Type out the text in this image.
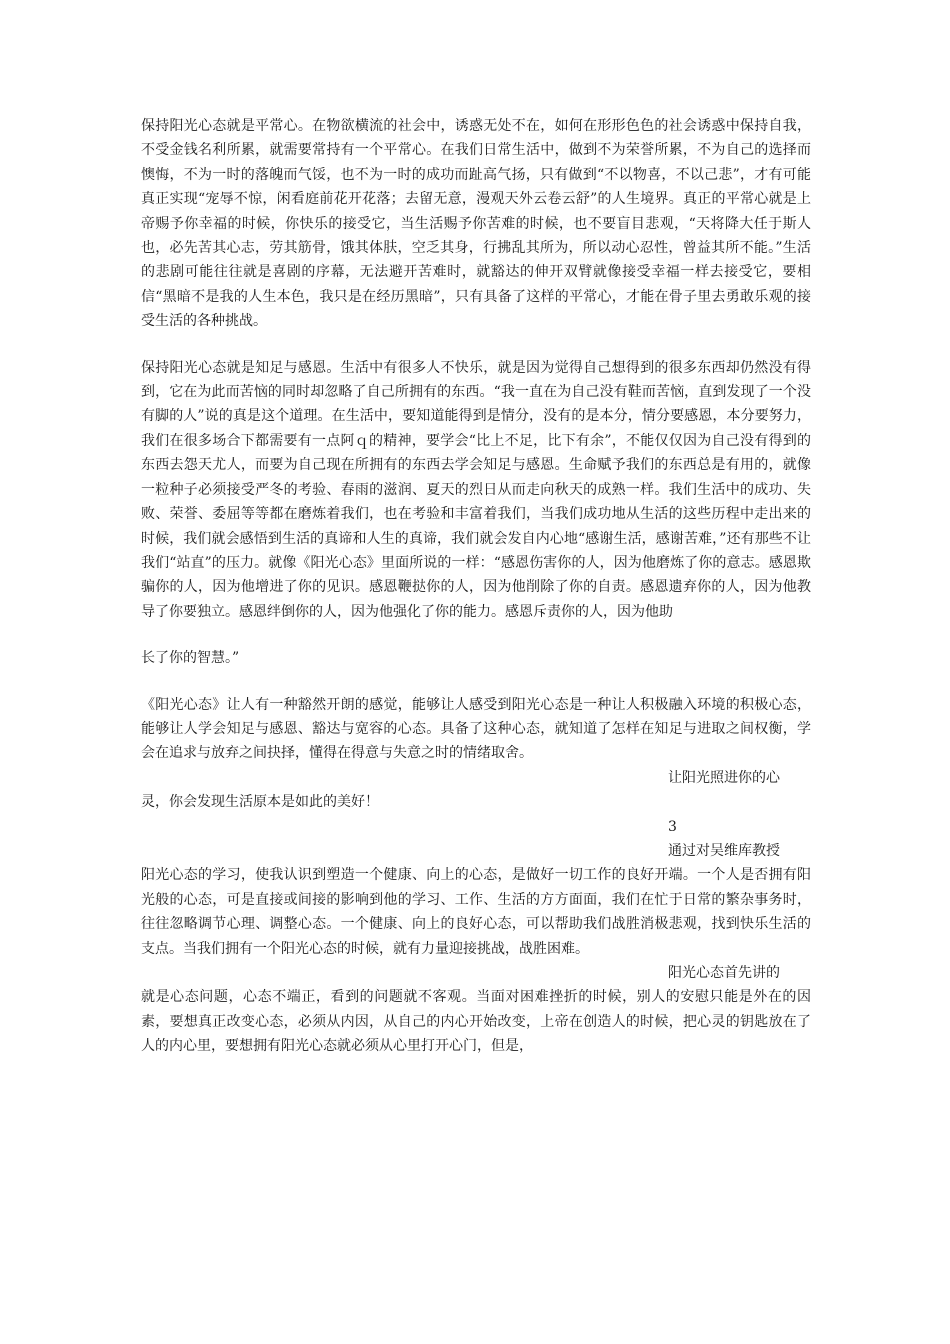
保持阳光心态就是平常心。在物欲横流的社会中，诱惑无处不在，如何在形形色色的社会诱惑中保持自我，不受金钱名利所累，就需要常持有一个平常心。在我们日常生活中，做到不为荣誉所累，不为自己的选择而懊悔，不为一时的落魄而气馁，也不为一时的成功而趾高气扬，只有做到“不以物喜，不以己悲”，才有可能真正实现“宠辱不惊，闲看庭前花开花落；去留无意，漫观天外云卷云舒”的人生境界。真正的平常心就是上帝赐予你幸福的时候，你快乐的接受它，当生活赐予你苦难的时候，也不要盲目悲观，“天将降大任于斯人也，必先苦其心志，劳其筋骨，饿其体肤，空乏其身，行拂乱其所为，所以动心忍性，曾益其所不能。”生活的悲剧可能往往就是喜剧的序幕，无法避开苦难时，就豁达的伸开双臂就像接受幸福一样去接受它，要相信“黑暗不是我的人生本色，我只是在经历黑暗”，只有具备了这样的平常心，才能在骨子里去勇敢乐观的接受生活的各种挑战。

保持阳光心态就是知足与感恩。生活中有很多人不快乐，就是因为觉得自己想得到的很多东西却仍然没有得到，它在为此而苦恼的同时却忽略了自己所拥有的东西。“我一直在为自己没有鞋而苦恼，直到发现了一个没有脚的人”说的真是这个道理。在生活中，要知道能得到是情分，没有的是本分，情分要感恩，本分要努力，我们在很多场合下都需要有一点阿ｑ的精神，要学会“比上不足，比下有余”，不能仅仅因为自己没有得到的东西去怨天尤人，而要为自己现在所拥有的东西去学会知足与感恩。生命赋予我们的东西总是有用的，就像一粒种子必须接受严冬的考验、春雨的滋润、夏天的烈日从而走向秋天的成熟一样。我们生活中的成功、失败、荣誉、委屈等等都在磨炼着我们，也在考验和丰富着我们，当我们成功地从生活的这些历程中走出来的时候，我们就会感悟到生活的真谛和人生的真谛，我们就会发自内心地“感谢生活，感谢苦难，”还有那些不让我们“站直”的压力。就像《阳光心态》里面所说的一样：“感恩伤害你的人，因为他磨炼了你的意志。感恩欺骗你的人，因为他增进了你的见识。感恩鞭挞你的人，因为他削除了你的自责。感恩遗弃你的人，因为他教导了你要独立。感恩绊倒你的人，因为他强化了你的能力。感恩斥责你的人，因为他助

长了你的智慧。”

《阳光心态》让人有一种豁然开朗的感觉，能够让人感受到阳光心态是一种让人积极融入环境的积极心态，能够让人学会知足与感恩、豁达与宽容的心态。具备了这种心态，就知道了怎样在知足与进取之间权衡，学会在追求与放弃之间抉择，懂得在得意与失意之时的情绪取舍。

让阳光照进你的心

灵，你会发现生活原本是如此的美好！

3

通过对吴维库教授

阳光心态的学习，使我认识到塑造一个健康、向上的心态，是做好一切工作的良好开端。一个人是否拥有阳光般的心态，可是直接或间接的影响到他的学习、工作、生活的方方面面，我们在忙于日常的繁杂事务时，往往忽略调节心理、调整心态。一个健康、向上的良好心态，可以帮助我们战胜消极悲观，找到快乐生活的支点。当我们拥有一个阳光心态的时候，就有力量迎接挑战，战胜困难。

阳光心态首先讲的

就是心态问题，心态不端正，看到的问题就不客观。当面对困难挫折的时候，别人的安慰只能是外在的因素，要想真正改变心态，必须从内因，从自己的内心开始改变，上帝在创造人的时候，把心灵的钥匙放在了人的内心里，要想拥有阳光心态就必须从心里打开心门，但是，
